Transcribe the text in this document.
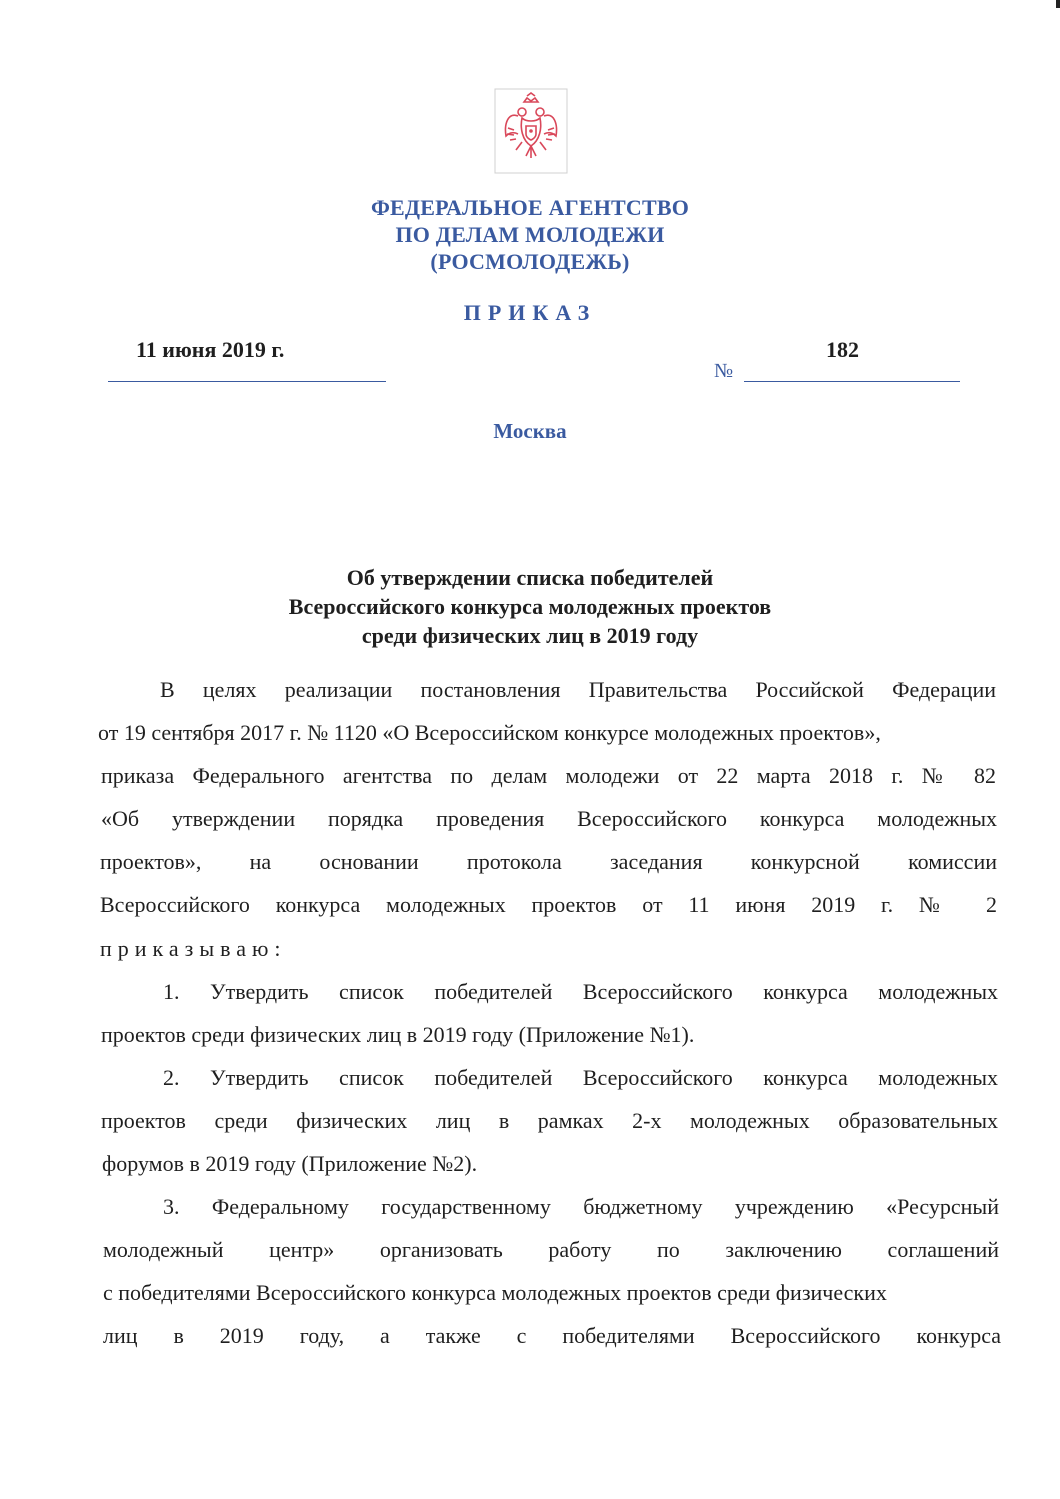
ФЕДЕРАЛЬНОЕ АГЕНТСТВО
ПО ДЕЛАМ МОЛОДЕЖИ
(РОСМОЛОДЕЖЬ)
ПРИКАЗ
11 июня 2019 г.
№
182
Москва
Об утверждении списка победителей
Всероссийского конкурса молодежных проектов
среди физических лиц в 2019 году
В целях реализации постановления Правительства Российской Федерации
от 19 сентября 2017 г. № 1120 «О Всероссийском конкурсе молодежных проектов»,
приказа Федерального агентства по делам молодежи от 22 марта 2018 г. № 82
«Об утверждении порядка проведения Всероссийского конкурса молодежных
проектов», на основании протокола заседания конкурсной комиссии
Всероссийского конкурса молодежных проектов от 11 июня 2019 г. № 2
приказываю:
1. Утвердить список победителей Всероссийского конкурса молодежных
проектов среди физических лиц в 2019 году (Приложение №1).
2. Утвердить список победителей Всероссийского конкурса молодежных
проектов среди физических лиц в рамках 2-х молодежных образовательных
форумов в 2019 году (Приложение №2).
3. Федеральному государственному бюджетному учреждению «Ресурсный
молодежный центр» организовать работу по заключению соглашений
с победителями Всероссийского конкурса молодежных проектов среди физических
лиц в 2019 году, а также с победителями Всероссийского конкурса
